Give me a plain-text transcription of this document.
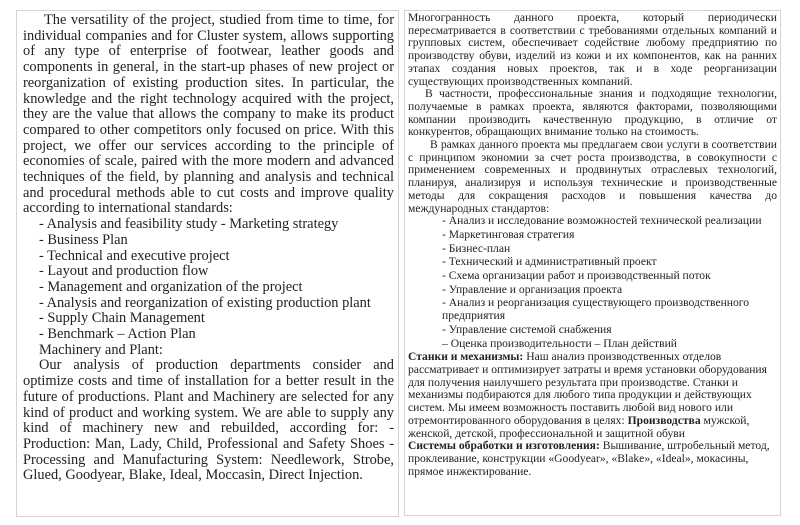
The versatility of the project, studied from time to time, for individual companies and for Cluster system, allows supporting of any type of enterprise of footwear, leather goods and components in general, in the start-up phases of new project or reorganization of existing production sites. In particular, the knowledge and the right technology acquired with the project, they are the value that allows the company to make its product compared to other competitors only focused on price. With this project, we offer our services according to the principle of economies of scale, paired with the more modern and advanced techniques of the field, by planning and analysis and technical and procedural methods able to cut costs and improve quality according to international standards:

- Analysis and feasibility study - Marketing strategy
- Business Plan
- Technical and executive project
- Layout and production flow
- Management and organization of the project
- Analysis and reorganization of existing production plant
- Supply Chain Management
- Benchmark – Action Plan

Machinery and Plant:

Our analysis of production departments consider and optimize costs and time of installation for a better result in the future of productions. Plant and Machinery are selected for any kind of product and working system. We are able to supply any kind of machinery new and rebuilded, according for: - Production: Man, Lady, Child, Professional and Safety Shoes - Processing and Manufacturing System: Needlework, Strobe, Glued, Goodyear, Blake, Ideal, Moccasin, Direct Injection.

Многогранность данного проекта, который периодически пересматривается в соответствии с требованиями отдельных компаний и групповых систем, обеспечивает содействие любому предприятию по производству обуви, изделий из кожи и их компонентов, как на ранних этапах создания новых проектов, так и в ходе реорганизации существующих производственных компаний.

В частности, профессиональные знания и подходящие технологии, получаемые в рамках проекта, являются факторами, позволяющими компании производить качественную продукцию, в отличие от конкурентов, обращающих внимание только на стоимость.

В рамках данного проекта мы предлагаем свои услуги в соответствии с принципом экономии за счет роста производства, в совокупности с применением современных и продвинутых отраслевых технологий, планируя, анализируя и используя технические и производственные методы для сокращения расходов и повышения качества до международных стандартов:

- Анализ и исследование возможностей технической реализации
- Маркетинговая стратегия
- Бизнес-план
- Технический и административный проект
- Схема организации работ и производственный поток
- Управление и организация проекта
- Анализ и реорганизация существующего производственного предприятия
- Управление системой снабжения
– Оценка производительности – План действий

Станки и механизмы: Наш анализ производственных отделов рассматривает и оптимизирует затраты и время установки оборудования для получения наилучшего результата при производстве. Станки и механизмы подбираются для любого типа продукции и действующих систем. Мы имеем возможность поставить любой вид нового или отремонтированного оборудования в целях: Производства мужской, женской, детской, профессиональной и защитной обуви

Системы обработки и изготовления: Вышивание, штробельный метод, проклеивание, конструкции «Goodyear», «Blake», «Ideal», мокасины, прямое инжектирование.
